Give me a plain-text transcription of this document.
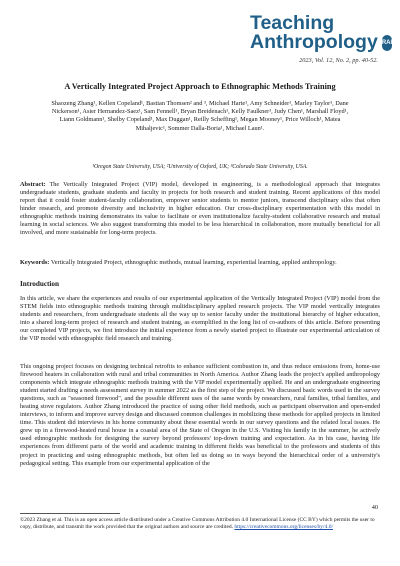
Teaching
Anthropology RAI
2023, Vol. 12, No. 2, pp. 40-52.
A Vertically Integrated Project Approach to Ethnographic Methods Training
Shaozeng Zhang¹, Kellen Copeland¹, Bastian Thomsen² and ³, Michael Harte¹, Amy Schneider¹, Marley Taylor¹, Dane Nickerson¹, Asier Hernandez-Saez¹, Sam Fennell¹, Bryan Breidenach¹, Kelly Faulkner¹, Judy Chen¹, Marshall Floyd¹, Liann Goldmann¹, Shelby Copeland¹, Max Duggan¹, Reilly Scheffing¹, Megan Mooney¹, Price Willoch¹, Matea Mihaljevic¹, Sommer Dalla-Boria¹, Michael Laun¹.
¹Oregon State University, USA; ²University of Oxford, UK; ³Colorado State University, USA.
Abstract: The Vertically Integrated Project (VIP) model, developed in engineering, is a methodological approach that integrates undergraduate students, graduate students and faculty in projects for both research and student training. Recent applications of this model report that it could foster student-faculty collaboration, empower senior students to mentor juniors, transcend disciplinary silos that often hinder research, and promote diversity and inclusivity in higher education. Our cross-disciplinary experimentation with this model in ethnographic methods training demonstrates its value to facilitate or even institutionalize faculty-student collaborative research and mutual learning in social sciences. We also suggest transforming this model to be less hierarchical in collaboration, more mutually beneficial for all involved, and more sustainable for long-term projects.
Keywords: Vertically Integrated Project, ethnographic methods, mutual learning, experiential learning, applied anthropology.
Introduction
In this article, we share the experiences and results of our experimental application of the Vertically Integrated Project (VIP) model from the STEM fields into ethnographic methods training through multidisciplinary applied research projects. The VIP model vertically integrates students and researchers, from undergraduate students all the way up to senior faculty under the institutional hierarchy of higher education, into a shared long-term project of research and student training, as exemplified in the long list of co-authors of this article. Before presenting our completed VIP projects, we first introduce the initial experience from a newly started project to illustrate our experimental articulation of the VIP model with ethnographic field research and training.
This ongoing project focuses on designing technical retrofits to enhance sufficient combustion in, and thus reduce emissions from, home-use firewood heaters in collaboration with rural and tribal communities in North America. Author Zhang leads the project's applied anthropology components which integrate ethnographic methods training with the VIP model experimentally applied. He and an undergraduate engineering student started drafting a needs assessment survey in summer 2022 as the first step of the project. We discussed basic words used in the survey questions, such as "seasoned firewood", and the possible different uses of the same words by researchers, rural families, tribal families, and heating stove regulators. Author Zhang introduced the practice of using other field methods, such as participant observation and open-ended interviews, to inform and improve survey design and discussed common challenges in mobilizing these methods for applied projects in limited time. This student did interviews in his home community about these essential words in our survey questions and the related local issues. He grew up in a firewood-heated rural house in a coastal area of the State of Oregon in the U.S. Visiting his family in the summer, he actively used ethnographic methods for designing the survey beyond professors' top-down training and expectation. As in his case, having life experiences from different parts of the world and academic training in different fields was beneficial to the professors and students of this project in practicing and using ethnographic methods, but often led us doing so in ways beyond the hierarchical order of a university's pedagogical setting. This example from our experimental application of the
40
©2023 Zhang et al. This is an open access article distributed under a Creative Commons Attribution 4.0 International License (CC BY) which permits the user to copy, distribute, and transmit the work provided that the original authors and source are credited. https://creativecommons.org/licenses/by/4.0/
